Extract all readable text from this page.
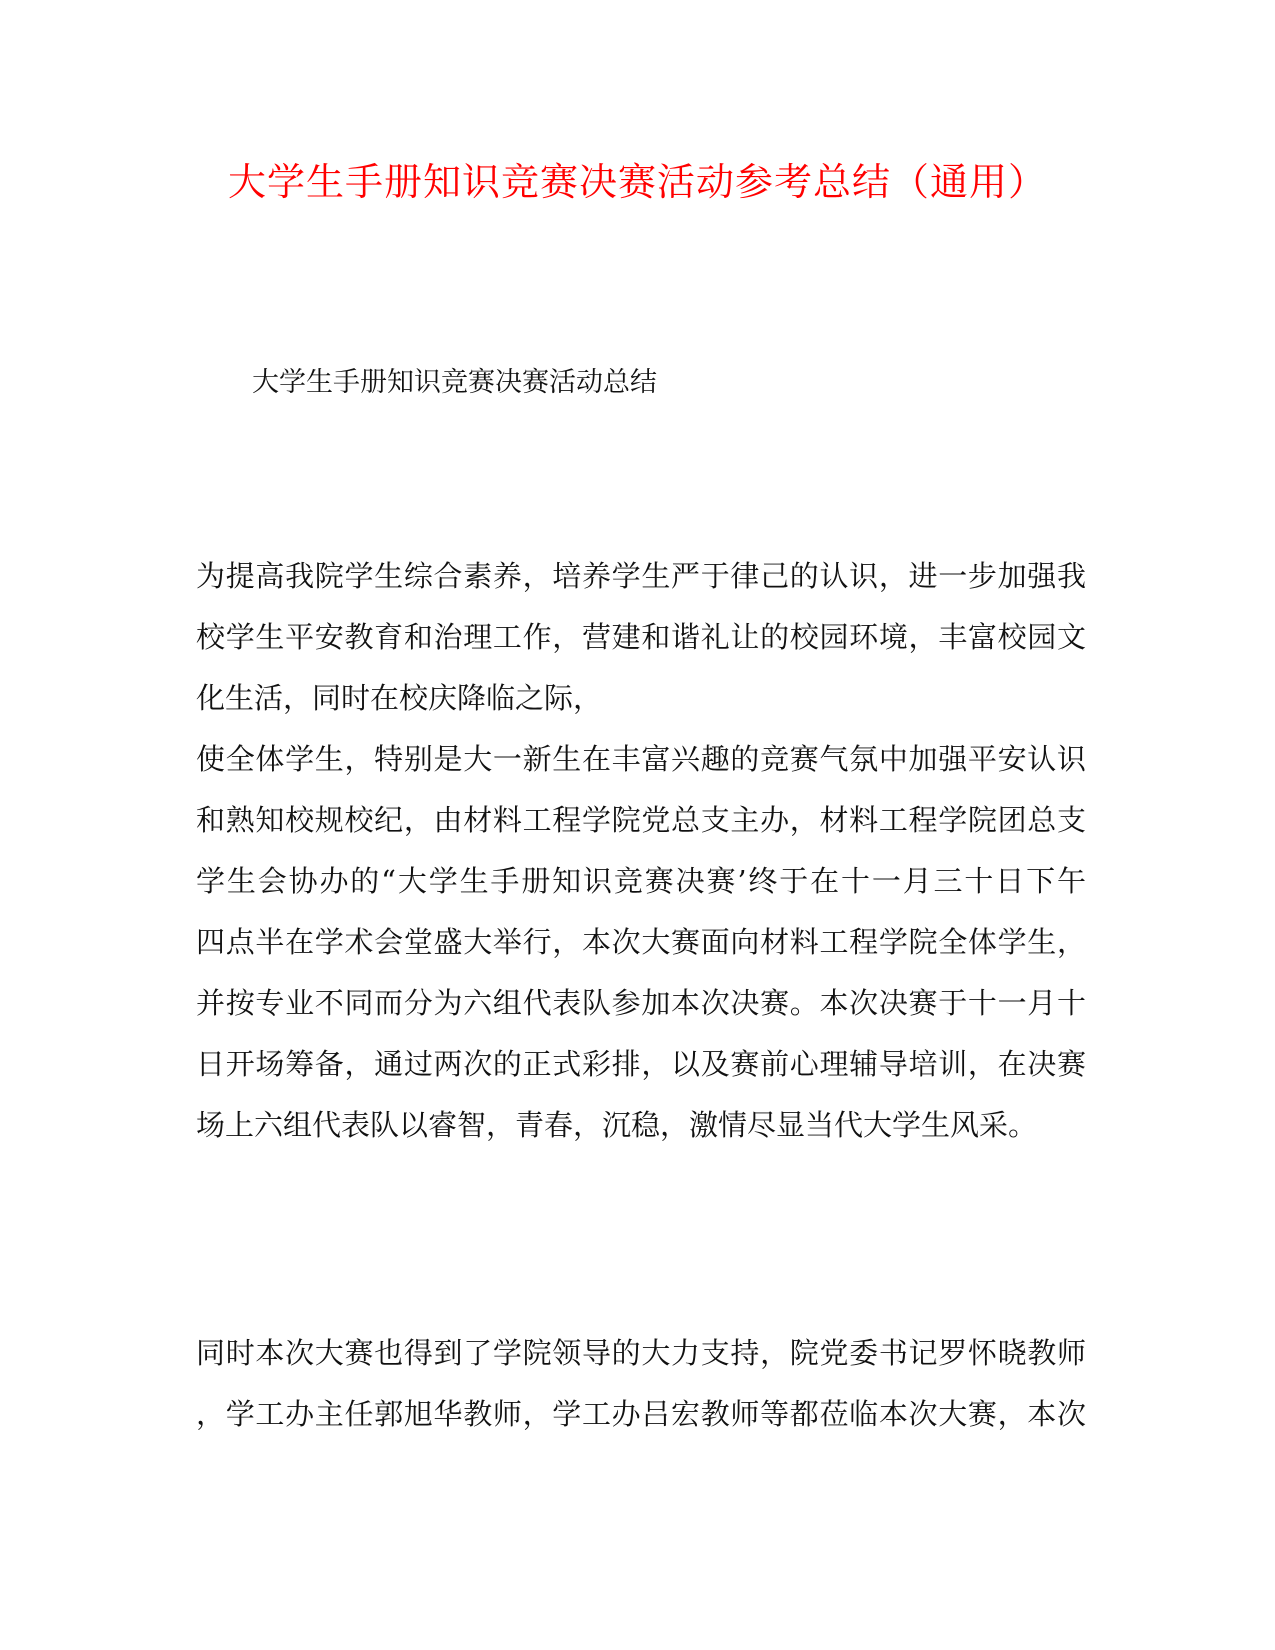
大学生手册知识竞赛决赛活动参考总结（通用）
大学生手册知识竞赛决赛活动总结
为提高我院学生综合素养，培养学生严于律己的认识，进一步加强我
校学生平安教育和治理工作，营建和谐礼让的校园环境，丰富校园文
化生活，同时在校庆降临之际，
使全体学生，特别是大一新生在丰富兴趣的竞赛气氛中加强平安认识
和熟知校规校纪，由材料工程学院党总支主办，材料工程学院团总支
学生会协办的“大学生手册知识竞赛决赛’终于在十一月三十日下午
四点半在学术会堂盛大举行，本次大赛面向材料工程学院全体学生，
并按专业不同而分为六组代表队参加本次决赛。本次决赛于十一月十
日开场筹备，通过两次的正式彩排，以及赛前心理辅导培训，在决赛
场上六组代表队以睿智，青春，沉稳，激情尽显当代大学生风采。
同时本次大赛也得到了学院领导的大力支持，院党委书记罗怀晓教师
，学工办主任郭旭华教师，学工办吕宏教师等都莅临本次大赛，本次
